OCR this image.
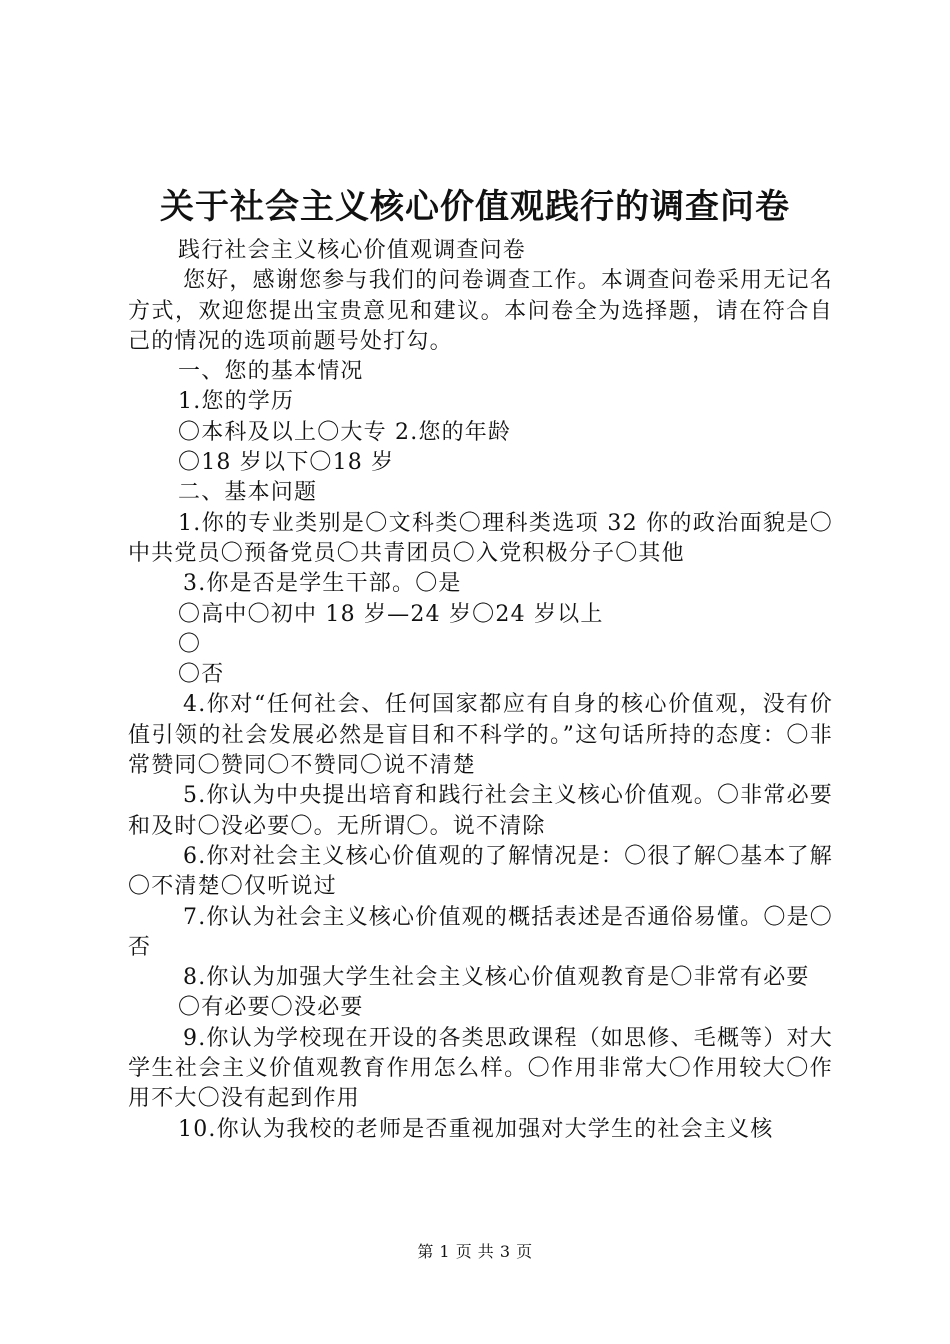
关于社会主义核心价值观践行的调查问卷

践行社会主义核心价值观调查问卷

您好，感谢您参与我们的问卷调查工作。本调查问卷采用无记名方式，欢迎您提出宝贵意见和建议。本问卷全为选择题，请在符合自己的情况的选项前题号处打勾。

一、您的基本情况

1.您的学历

〇本科及以上〇大专 2.您的年龄

〇18 岁以下〇18 岁

二、基本问题

1.你的专业类别是〇文科类〇理科类选项 32 你的政治面貌是〇中共党员〇预备党员〇共青团员〇入党积极分子〇其他

3.你是否是学生干部。〇是

〇高中〇初中 18 岁—24 岁〇24 岁以上

〇

〇否

4.你对“任何社会、任何国家都应有自身的核心价值观，没有价值引领的社会发展必然是盲目和不科学的。”这句话所持的态度：〇非常赞同〇赞同〇不赞同〇说不清楚

5.你认为中央提出培育和践行社会主义核心价值观。〇非常必要和及时〇没必要〇。无所谓〇。说不清除

6.你对社会主义核心价值观的了解情况是：〇很了解〇基本了解〇不清楚〇仅听说过

7.你认为社会主义核心价值观的概括表述是否通俗易懂。〇是〇否

8.你认为加强大学生社会主义核心价值观教育是〇非常有必要

〇有必要〇没必要

9.你认为学校现在开设的各类思政课程（如思修、毛概等）对大学生社会主义价值观教育作用怎么样。〇作用非常大〇作用较大〇作用不大〇没有起到作用

10.你认为我校的老师是否重视加强对大学生的社会主义核

第 1 页 共 3 页
